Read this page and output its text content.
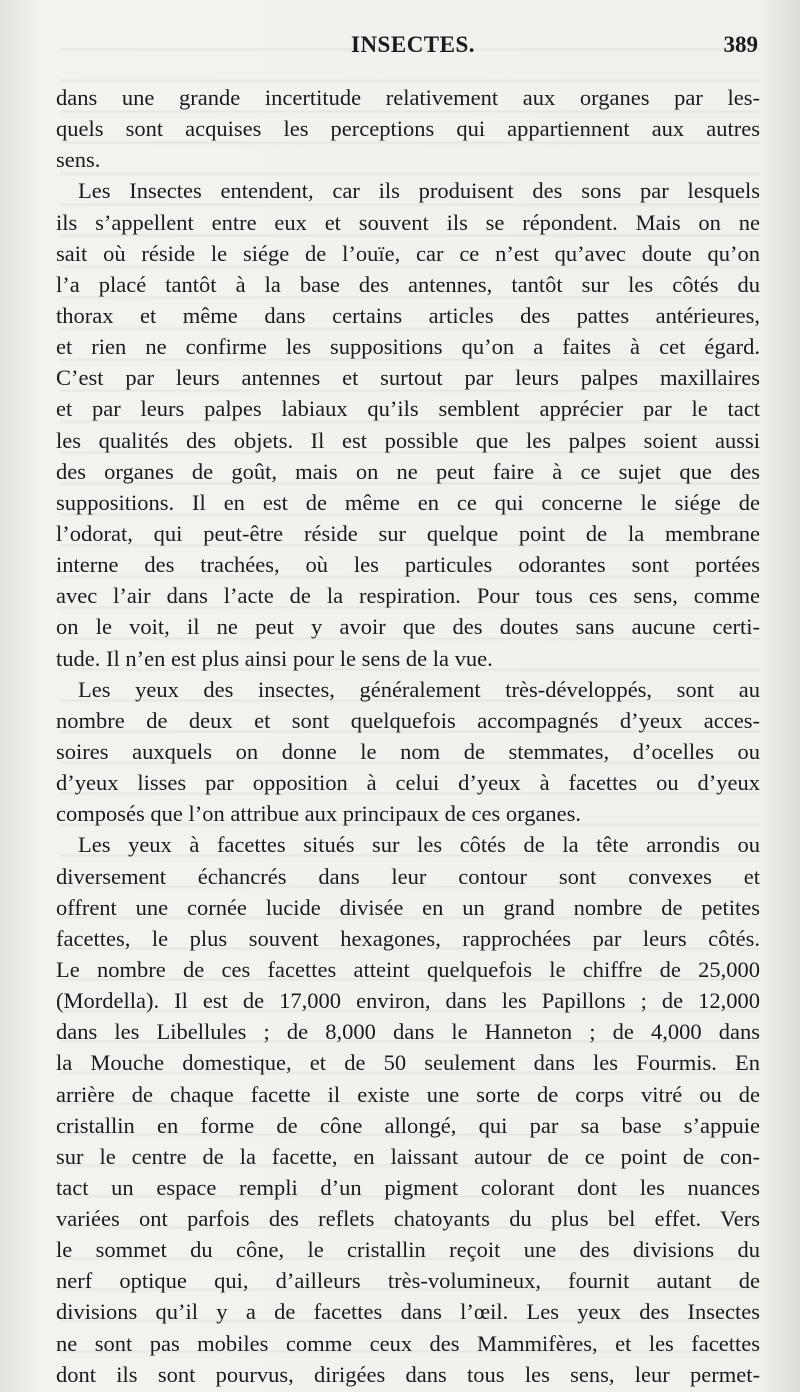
INSECTES.	389
dans une grande incertitude relativement aux organes par les-
quels sont acquises les perceptions qui appartiennent aux autres
sens.
Les Insectes entendent, car ils produisent des sons par lesquels
ils s’appellent entre eux et souvent ils se répondent. Mais on ne
sait où réside le siége de l’ouïe, car ce n’est qu’avec doute qu’on
l’a placé tantôt à la base des antennes, tantôt sur les côtés du
thorax et même dans certains articles des pattes antérieures,
et rien ne confirme les suppositions qu’on a faites à cet égard.
C’est par leurs antennes et surtout par leurs palpes maxillaires
et par leurs palpes labiaux qu’ils semblent apprécier par le tact
les qualités des objets. Il est possible que les palpes soient aussi
des organes de goût, mais on ne peut faire à ce sujet que des
suppositions. Il en est de même en ce qui concerne le siége de
l’odorat, qui peut-être réside sur quelque point de la membrane
interne des trachées, où les particules odorantes sont portées
avec l’air dans l’acte de la respiration. Pour tous ces sens, comme
on le voit, il ne peut y avoir que des doutes sans aucune certi-
tude. Il n’en est plus ainsi pour le sens de la vue.
Les yeux des insectes, généralement très-développés, sont au
nombre de deux et sont quelquefois accompagnés d’yeux acces-
soires auxquels on donne le nom de stemmates, d’ocelles ou
d’yeux lisses par opposition à celui d’yeux à facettes ou d’yeux
composés que l’on attribue aux principaux de ces organes.
Les yeux à facettes situés sur les côtés de la tête arrondis ou
diversement échancrés dans leur contour sont convexes et
offrent une cornée lucide divisée en un grand nombre de petites
facettes, le plus souvent hexagones, rapprochées par leurs côtés.
Le nombre de ces facettes atteint quelquefois le chiffre de 25,000
(Mordella). Il est de 17,000 environ, dans les Papillons ; de 12,000
dans les Libellules ; de 8,000 dans le Hanneton ; de 4,000 dans
la Mouche domestique, et de 50 seulement dans les Fourmis. En
arrière de chaque facette il existe une sorte de corps vitré ou de
cristallin en forme de cône allongé, qui par sa base s’appuie
sur le centre de la facette, en laissant autour de ce point de con-
tact un espace rempli d’un pigment colorant dont les nuances
variées ont parfois des reflets chatoyants du plus bel effet. Vers
le sommet du cône, le cristallin reçoit une des divisions du
nerf optique qui, d’ailleurs très-volumineux, fournit autant de
divisions qu’il y a de facettes dans l’œil. Les yeux des Insectes
ne sont pas mobiles comme ceux des Mammifères, et les facettes
dont ils sont pourvus, dirigées dans tous les sens, leur permet-
